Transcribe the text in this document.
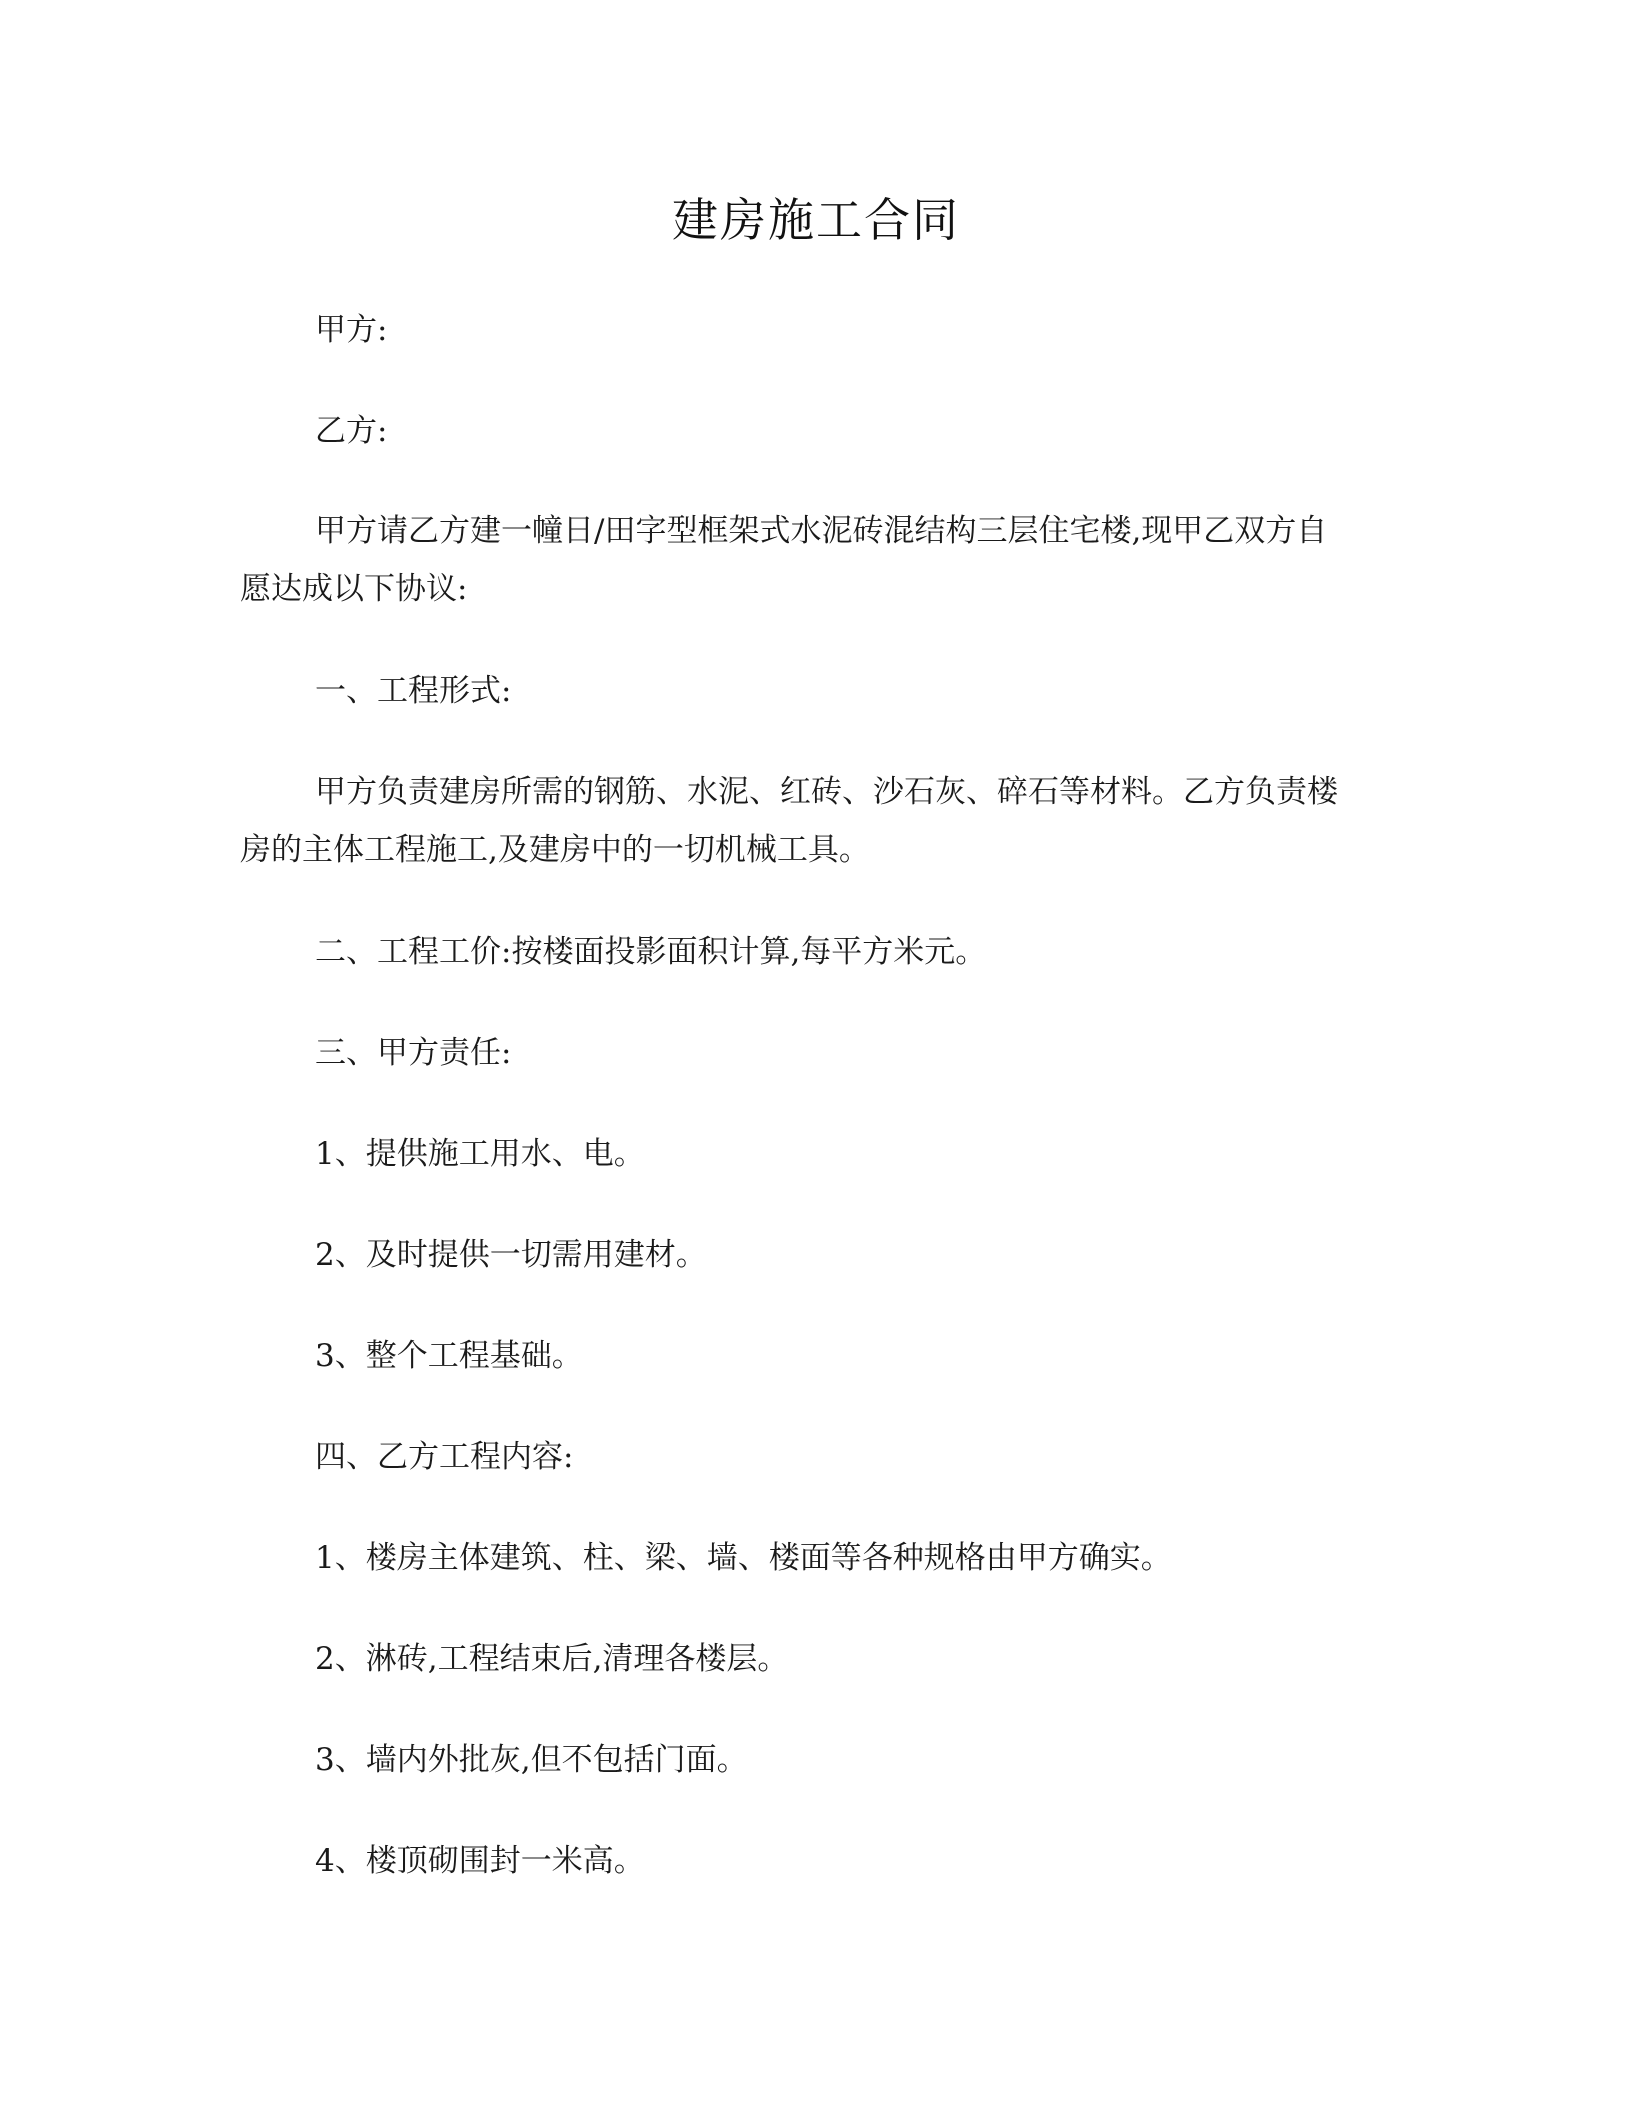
建房施工合同
甲方:
乙方:
甲方请乙方建一幢日/田字型框架式水泥砖混结构三层住宅楼,现甲乙双方自
愿达成以下协议:
一、工程形式:
甲方负责建房所需的钢筋、水泥、红砖、沙石灰、碎石等材料。乙方负责楼
房的主体工程施工,及建房中的一切机械工具。
二、工程工价:按楼面投影面积计算,每平方米元。
三、甲方责任:
1、提供施工用水、电。
2、及时提供一切需用建材。
3、整个工程基础。
四、乙方工程内容:
1、楼房主体建筑、柱、梁、墙、楼面等各种规格由甲方确实。
2、淋砖,工程结束后,清理各楼层。
3、墙内外批灰,但不包括门面。
4、楼顶砌围封一米高。
